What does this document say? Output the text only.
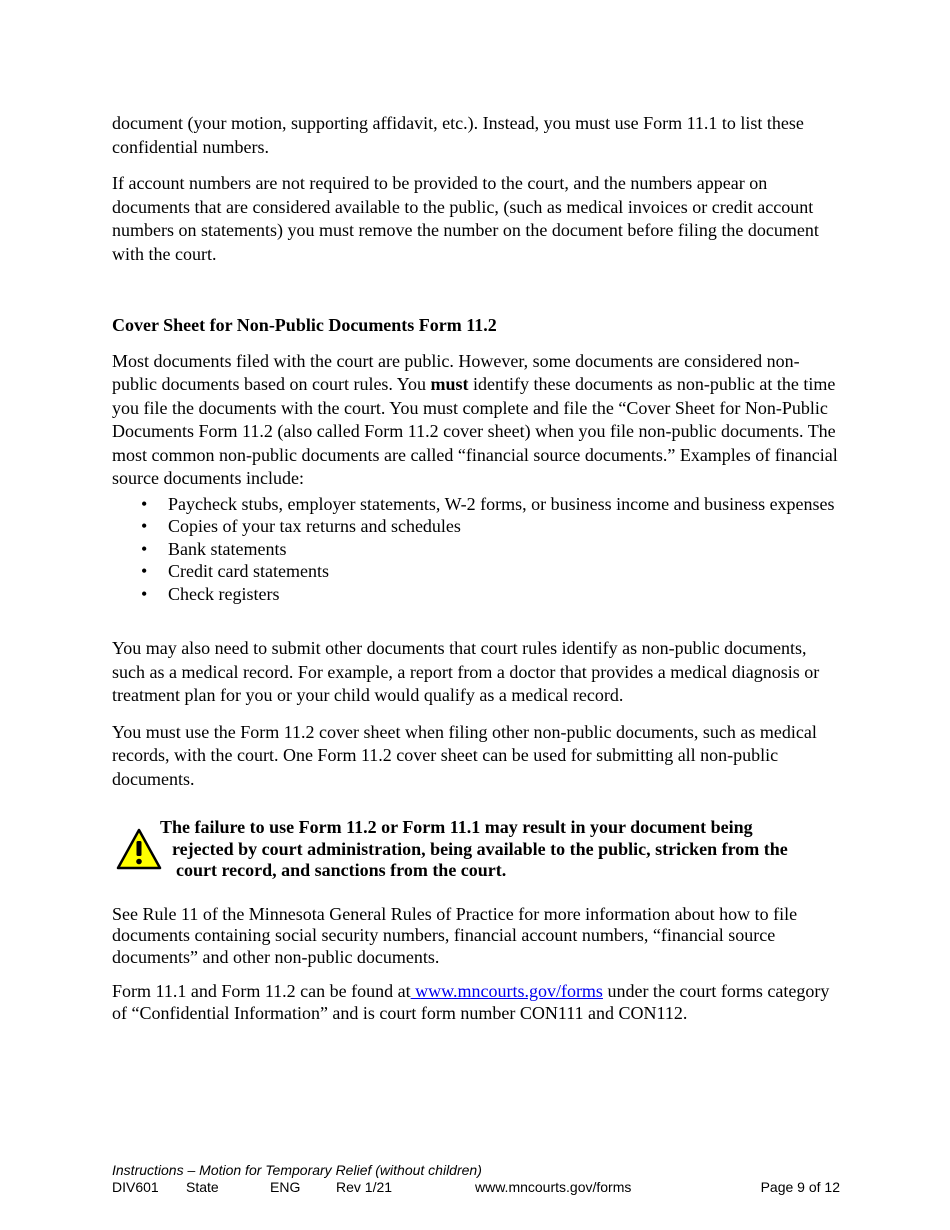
document (your motion, supporting affidavit, etc.). Instead, you must use Form 11.1 to list these confidential numbers.

If account numbers are not required to be provided to the court, and the numbers appear on documents that are considered available to the public, (such as medical invoices or credit account numbers on statements) you must remove the number on the document before filing the document with the court.

Cover Sheet for Non-Public Documents Form 11.2

Most documents filed with the court are public. However, some documents are considered non-public documents based on court rules. You must identify these documents as non-public at the time you file the documents with the court. You must complete and file the “Cover Sheet for Non-Public Documents Form 11.2 (also called Form 11.2 cover sheet) when you file non-public documents. The most common non-public documents are called “financial source documents.” Examples of financial source documents include:

• Paycheck stubs, employer statements, W-2 forms, or business income and business expenses
• Copies of your tax returns and schedules
• Bank statements
• Credit card statements
• Check registers

You may also need to submit other documents that court rules identify as non-public documents, such as a medical record. For example, a report from a doctor that provides a medical diagnosis or treatment plan for you or your child would qualify as a medical record.

You must use the Form 11.2 cover sheet when filing other non-public documents, such as medical records, with the court. One Form 11.2 cover sheet can be used for submitting all non-public documents.

The failure to use Form 11.2 or Form 11.1 may result in your document being

rejected by court administration, being available to the public, stricken from the

court record, and sanctions from the court.

See Rule 11 of the Minnesota General Rules of Practice for more information about how to file documents containing social security numbers, financial account numbers, “financial source documents” and other non-public documents.

Form 11.1 and Form 11.2 can be found at www.mncourts.gov/forms under the court forms category of “Confidential Information” and is court form number CON111 and CON112.

Instructions – Motion for Temporary Relief (without children)
DIV601 State	ENG	Rev 1/21	www.mncourts.gov/forms	Page 9 of 12
